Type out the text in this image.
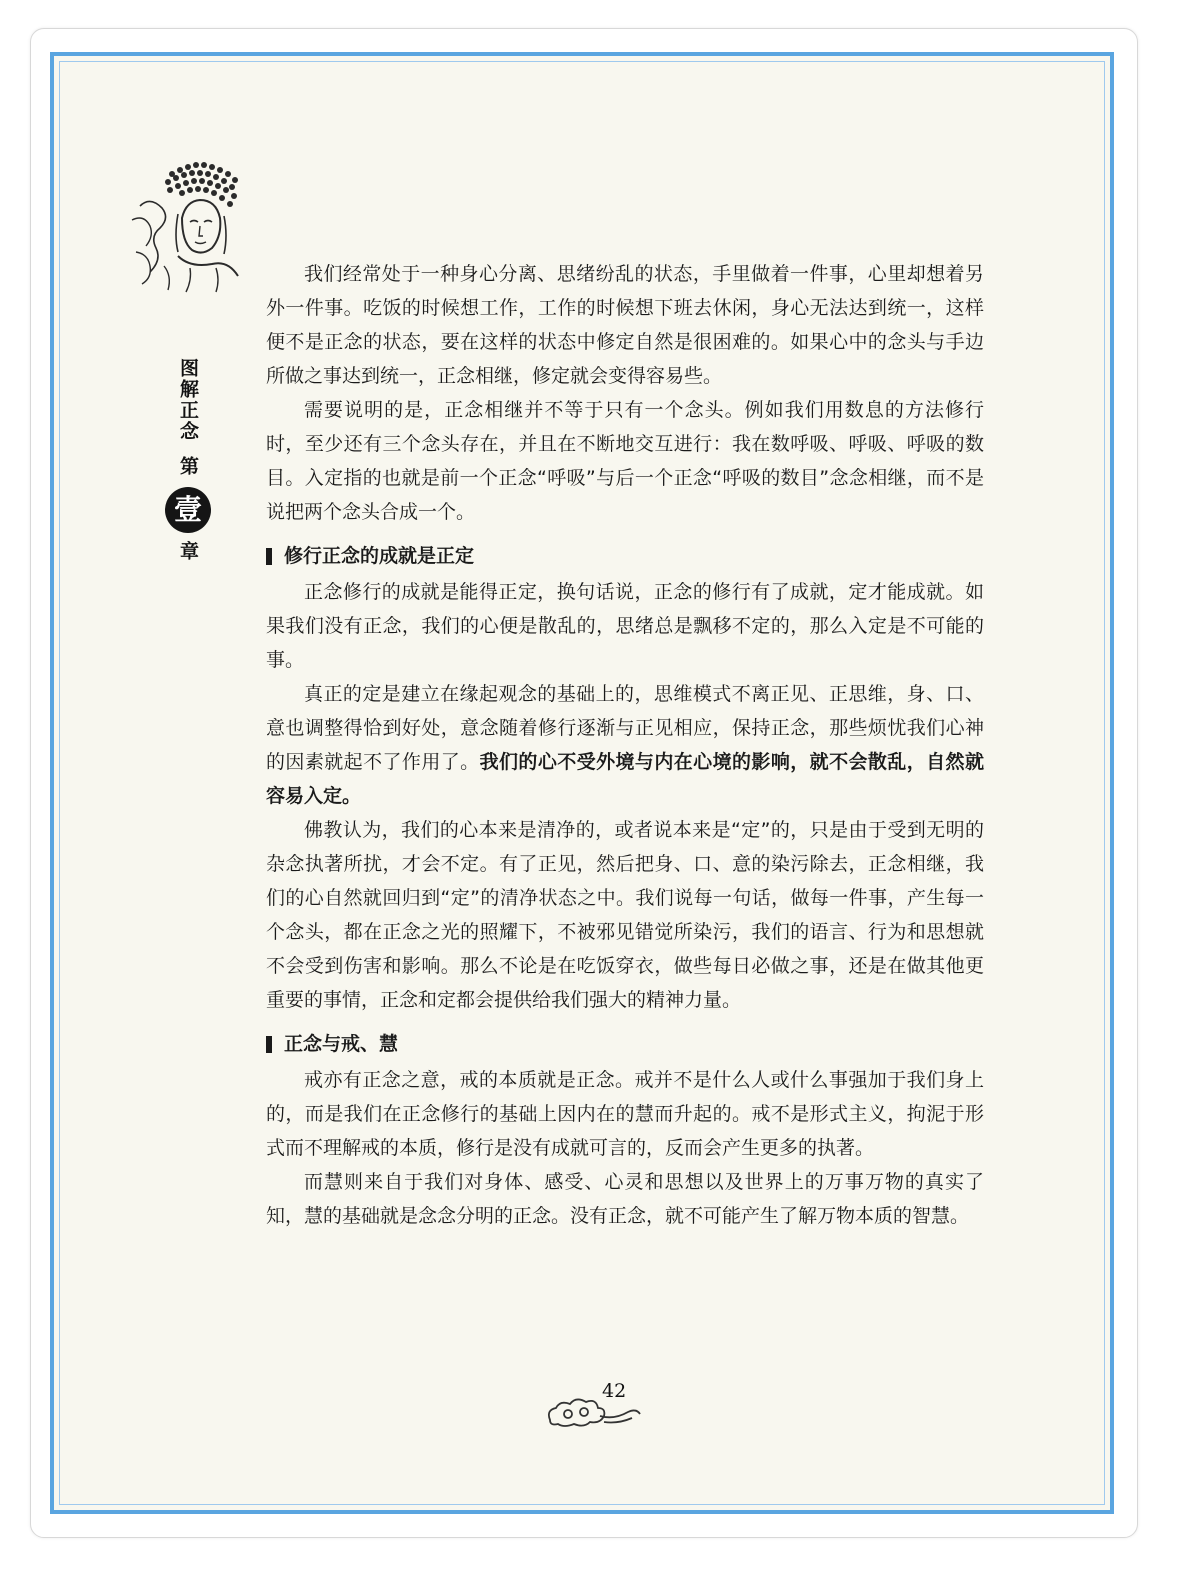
图解正念
第
壹
章

我们经常处于一种身心分离、思绪纷乱的状态，手里做着一件事，心里却想着另外一件事。吃饭的时候想工作，工作的时候想下班去休闲，身心无法达到统一，这样便不是正念的状态，要在这样的状态中修定自然是很困难的。如果心中的念头与手边所做之事达到统一，正念相继，修定就会变得容易些。

需要说明的是，正念相继并不等于只有一个念头。例如我们用数息的方法修行时，至少还有三个念头存在，并且在不断地交互进行：我在数呼吸、呼吸、呼吸的数目。入定指的也就是前一个正念“呼吸”与后一个正念“呼吸的数目”念念相继，而不是说把两个念头合成一个。

修行正念的成就是正定

正念修行的成就是能得正定，换句话说，正念的修行有了成就，定才能成就。如果我们没有正念，我们的心便是散乱的，思绪总是飘移不定的，那么入定是不可能的事。

真正的定是建立在缘起观念的基础上的，思维模式不离正见、正思维，身、口、意也调整得恰到好处，意念随着修行逐渐与正见相应，保持正念，那些烦忧我们心神的因素就起不了作用了。我们的心不受外境与内在心境的影响，就不会散乱，自然就容易入定。

佛教认为，我们的心本来是清净的，或者说本来是“定”的，只是由于受到无明的杂念执著所扰，才会不定。有了正见，然后把身、口、意的染污除去，正念相继，我们的心自然就回归到“定”的清净状态之中。我们说每一句话，做每一件事，产生每一个念头，都在正念之光的照耀下，不被邪见错觉所染污，我们的语言、行为和思想就不会受到伤害和影响。那么不论是在吃饭穿衣，做些每日必做之事，还是在做其他更重要的事情，正念和定都会提供给我们强大的精神力量。

正念与戒、慧

戒亦有正念之意，戒的本质就是正念。戒并不是什么人或什么事强加于我们身上的，而是我们在正念修行的基础上因内在的慧而升起的。戒不是形式主义，拘泥于形式而不理解戒的本质，修行是没有成就可言的，反而会产生更多的执著。

而慧则来自于我们对身体、感受、心灵和思想以及世界上的万事万物的真实了知，慧的基础就是念念分明的正念。没有正念，就不可能产生了解万物本质的智慧。

42
